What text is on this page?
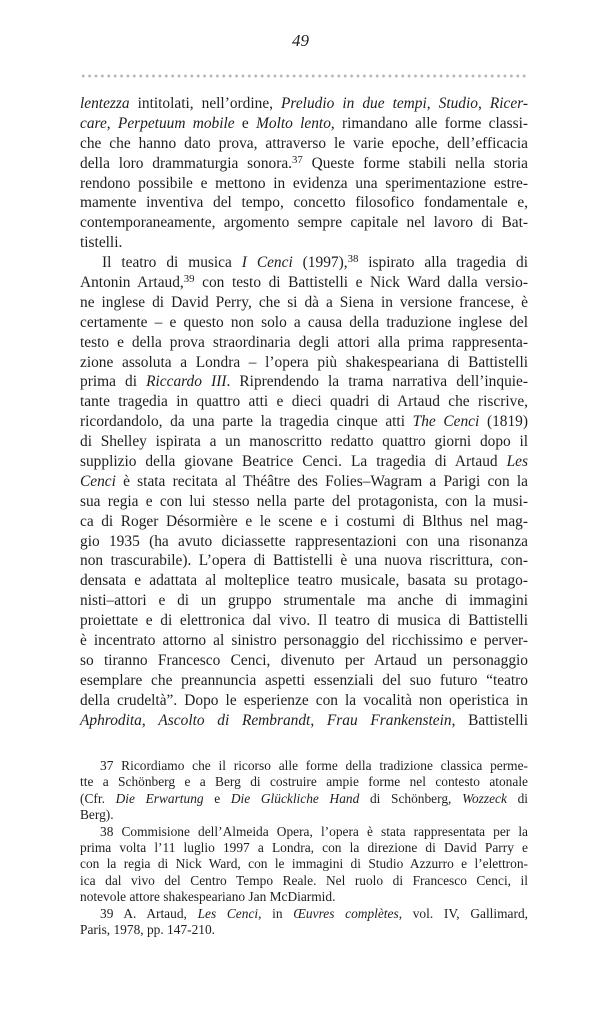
49
lentezza intitolati, nell’ordine, Preludio in due tempi, Studio, Ricer-
care, Perpetuum mobile e Molto lento, rimandano alle forme classi-
che che hanno dato prova, attraverso le varie epoche, dell’efficacia
della loro drammaturgia sonora.$^{37}$ Queste forme stabili nella storia
rendono possibile e mettono in evidenza una sperimentazione estre-
mamente inventiva del tempo, concetto filosofico fondamentale e,
contemporaneamente, argomento sempre capitale nel lavoro di Bat-
tistelli.
Il teatro di musica I Cenci (1997),$^{38}$ ispirato alla tragedia di
Antonin Artaud,$^{39}$ con testo di Battistelli e Nick Ward dalla versio-
ne inglese di David Perry, che si dà a Siena in versione francese, è
certamente – e questo non solo a causa della traduzione inglese del
testo e della prova straordinaria degli attori alla prima rappresenta-
zione assoluta a Londra – l’opera più shakespeariana di Battistelli
prima di Riccardo III. Riprendendo la trama narrativa dell’inquie-
tante tragedia in quattro atti e dieci quadri di Artaud che riscrive,
ricordandolo, da una parte la tragedia cinque atti The Cenci (1819)
di Shelley ispirata a un manoscritto redatto quattro giorni dopo il
supplizio della giovane Beatrice Cenci. La tragedia di Artaud Les
Cenci è stata recitata al Théâtre des Folies–Wagram a Parigi con la
sua regia e con lui stesso nella parte del protagonista, con la musi-
ca di Roger Désormière e le scene e i costumi di Blthus nel mag-
gio 1935 (ha avuto diciassette rappresentazioni con una risonanza
non trascurabile). L’opera di Battistelli è una nuova riscrittura, con-
densata e adattata al molteplice teatro musicale, basata su protago-
nisti–attori e di un gruppo strumentale ma anche di immagini
proiettate e di elettronica dal vivo. Il teatro di musica di Battistelli
è incentrato attorno al sinistro personaggio del ricchissimo e perver-
so tiranno Francesco Cenci, divenuto per Artaud un personaggio
esemplare che preannuncia aspetti essenziali del suo futuro “teatro
della crudeltà”. Dopo le esperienze con la vocalità non operistica in
Aphrodita, Ascolto di Rembrandt, Frau Frankenstein, Battistelli
37 Ricordiamo che il ricorso alle forme della tradizione classica perme-
tte a Schönberg e a Berg di costruire ampie forme nel contesto atonale
(Cfr. Die Erwartung e Die Glückliche Hand di Schönberg, Wozzeck di
Berg).
38 Commisione dell’Almeida Opera, l’opera è stata rappresentata per la
prima volta l’11 luglio 1997 a Londra, con la direzione di David Parry e
con la regia di Nick Ward, con le immagini di Studio Azzurro e l’elettron-
ica dal vivo del Centro Tempo Reale. Nel ruolo di Francesco Cenci, il
notevole attore shakespeariano Jan McDiarmid.
39 A. Artaud, Les Cenci, in Œuvres complètes, vol. IV, Gallimard,
Paris, 1978, pp. 147-210.
